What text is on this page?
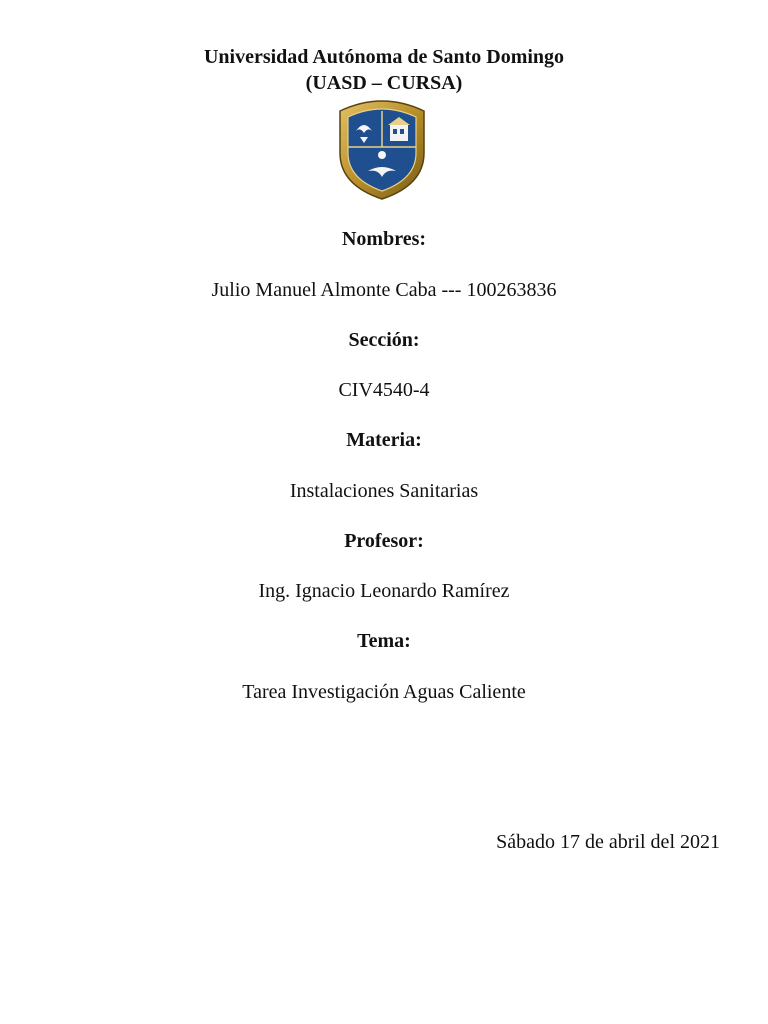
Universidad Autónoma de Santo Domingo
(UASD – CURSA)
Nombres:
Julio Manuel Almonte Caba --- 100263836
Sección:
CIV4540-4
Materia:
Instalaciones Sanitarias
Profesor:
Ing. Ignacio Leonardo Ramírez
Tema:
Tarea Investigación Aguas Caliente
Sábado 17 de abril del 2021
